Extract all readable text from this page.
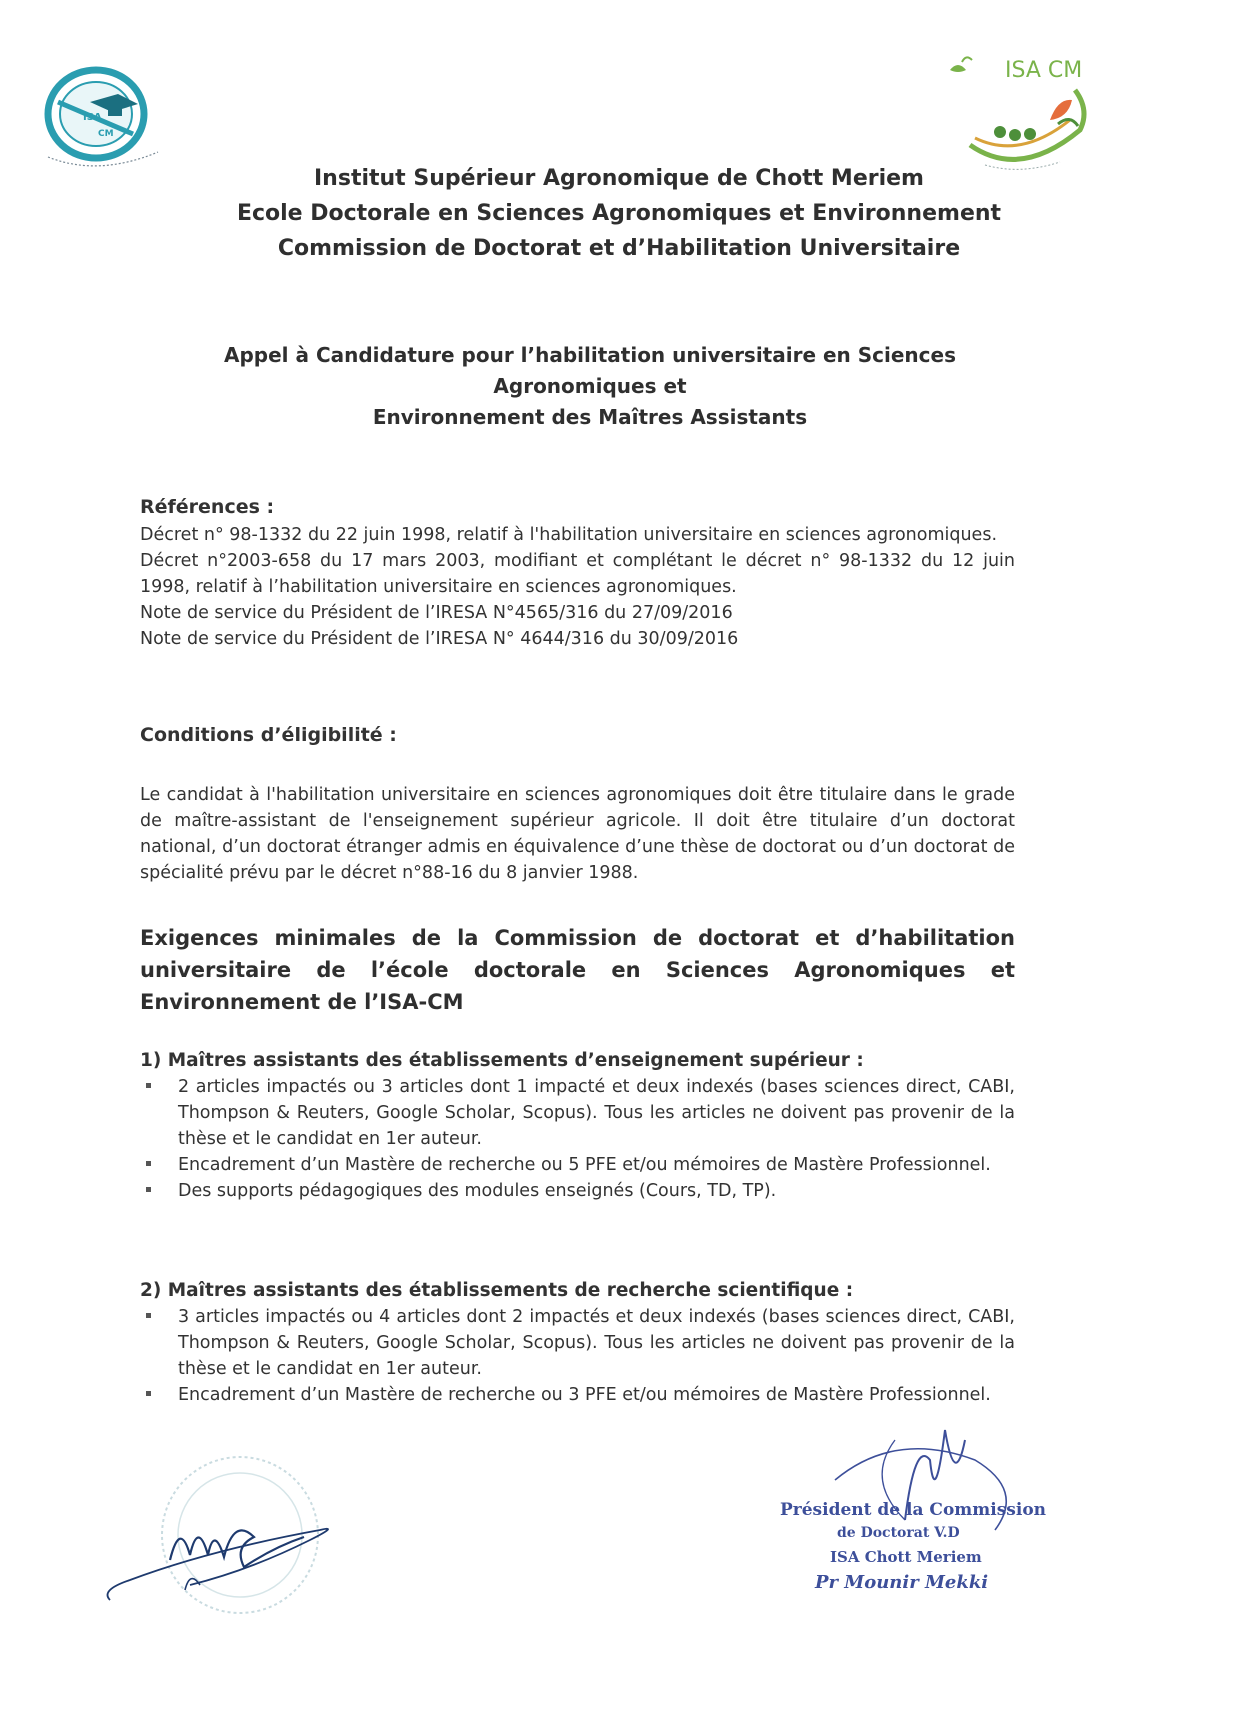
ISA
CM
ISA CM
Institut Supérieur Agronomique de Chott Meriem
Ecole Doctorale en Sciences Agronomiques et Environnement
Commission de Doctorat et d’Habilitation Universitaire
Appel à Candidature pour l’habilitation universitaire en Sciences Agronomiques et
Environnement des Maîtres Assistants
Références :
Décret n° 98-1332 du 22 juin 1998, relatif à l'habilitation universitaire en sciences agronomiques.
Décret n°2003-658 du 17 mars 2003, modifiant et complétant le décret n° 98-1332 du 12 juin 1998, relatif à l’habilitation universitaire en sciences agronomiques.
Note de service du Président de l’IRESA N°4565/316 du 27/09/2016
Note de service du Président de l’IRESA N° 4644/316 du 30/09/2016
Conditions d’éligibilité :
Le candidat à l'habilitation universitaire en sciences agronomiques doit être titulaire dans le grade de maître-assistant de l'enseignement supérieur agricole. Il doit être titulaire d’un doctorat national, d’un doctorat étranger admis en équivalence d’une thèse de doctorat ou d’un doctorat de spécialité prévu par le décret n°88-16 du 8 janvier 1988.
Exigences minimales de la Commission de doctorat et d’habilitation universitaire de l’école doctorale en Sciences Agronomiques et Environnement de l’ISA-CM
1) Maîtres assistants des établissements d’enseignement supérieur :
2 articles impactés ou 3 articles dont 1 impacté et deux indexés (bases sciences direct, CABI, Thompson & Reuters, Google Scholar, Scopus). Tous les articles ne doivent pas provenir de la thèse et le candidat en 1er auteur.
Encadrement d’un Mastère de recherche ou 5 PFE et/ou mémoires de Mastère Professionnel.
Des supports pédagogiques des modules enseignés (Cours, TD, TP).
2) Maîtres assistants des établissements de recherche scientifique :
3 articles impactés ou 4 articles dont 2 impactés et deux indexés (bases sciences direct, CABI, Thompson & Reuters, Google Scholar, Scopus). Tous les articles ne doivent pas provenir de la thèse et le candidat en 1er auteur.
Encadrement d’un Mastère de recherche ou 3 PFE et/ou mémoires de Mastère Professionnel.
Président de la Commission
de Doctorat V.D
ISA Chott Meriem
Pr Mounir Mekki
